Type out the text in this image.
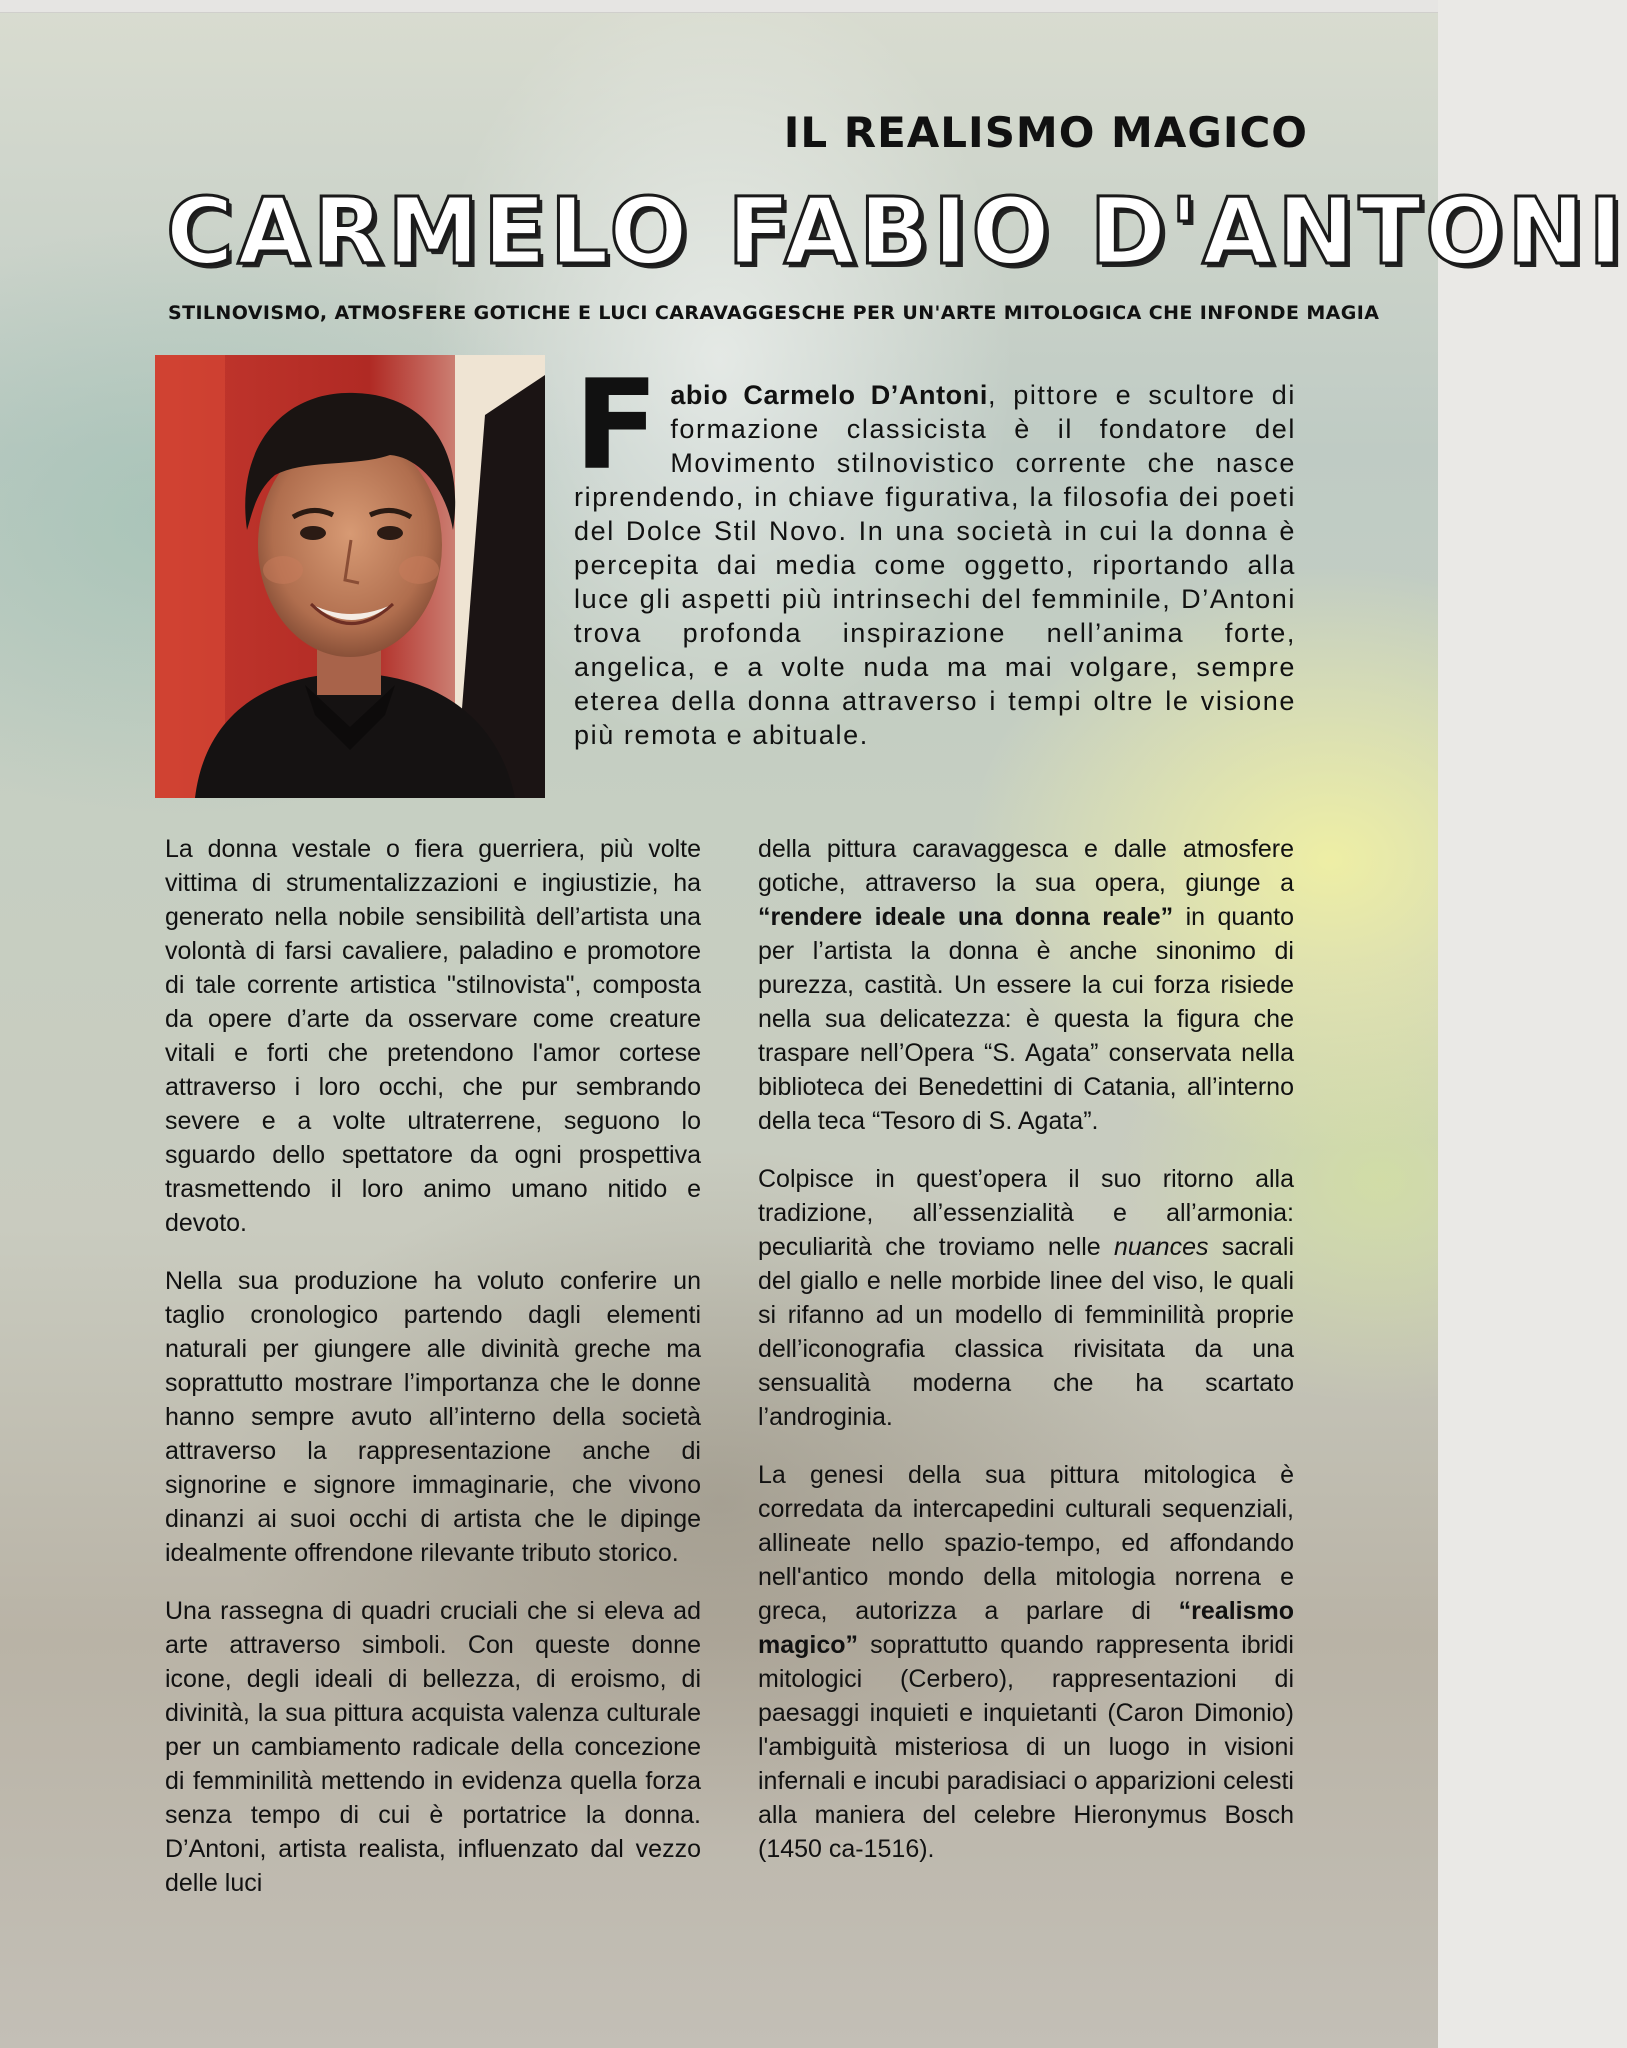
IL REALISMO MAGICO
CARMELO FABIO D'ANTONI
STILNOVISMO, ATMOSFERE GOTICHE E LUCI CARAVAGGESCHE PER UN'ARTE MITOLOGICA CHE INFONDE MAGIA
Fabio Carmelo D’Antoni, pittore e scultore di formazione classicista è il fondatore del Movimento stilnovistico corrente che nasce riprendendo, in chiave figurativa, la filosofia dei poeti del Dolce Stil Novo. In una società in cui la donna è percepita dai media come oggetto, riportando alla luce gli aspetti più intrinsechi del femminile, D’Antoni trova profonda inspirazione nell’anima forte, angelica, e a volte nuda ma mai volgare, sempre eterea della donna attraverso i tempi oltre le visione più remota e abituale.

La donna vestale o fiera guerriera, più volte vittima di strumentalizzazioni e ingiustizie, ha generato nella nobile sensibilità dell’artista una volontà di farsi cavaliere, paladino e promotore di tale corrente artistica "stilnovista", composta da opere d’arte da osservare come creature vitali e forti che pretendono l'amor cortese attraverso i loro occhi, che pur sembrando severe e a volte ultraterrene, seguono lo sguardo dello spettatore da ogni prospettiva trasmettendo il loro animo umano nitido e devoto.

Nella sua produzione ha voluto conferire un taglio cronologico partendo dagli elementi naturali per giungere alle divinità greche ma soprattutto mostrare l’importanza che le donne hanno sempre avuto all’interno della società attraverso la rappresentazione anche di signorine e signore immaginarie, che vivono dinanzi ai suoi occhi di artista che le dipinge idealmente offrendone rilevante tributo storico.

Una rassegna di quadri cruciali che si eleva ad arte attraverso simboli. Con queste donne icone, degli ideali di bellezza, di eroismo, di divinità, la sua pittura acquista valenza culturale per un cambiamento radicale della concezione di femminilità mettendo in evidenza quella forza senza tempo di cui è portatrice la donna. D’Antoni, artista realista, influenzato dal vezzo delle luci

della pittura caravaggesca e dalle atmosfere gotiche, attraverso la sua opera, giunge a “rendere ideale una donna reale” in quanto per l’artista la donna è anche sinonimo di purezza, castità. Un essere la cui forza risiede nella sua delicatezza: è questa la figura che traspare nell’Opera “S. Agata” conservata nella biblioteca dei Benedettini di Catania, all’interno della teca “Tesoro di S. Agata”.

Colpisce in quest’opera il suo ritorno alla tradizione, all’essenzialità e all’armonia: peculiarità che troviamo nelle nuances sacrali del giallo e nelle morbide linee del viso, le quali si rifanno ad un modello di femminilità proprie dell’iconografia classica rivisitata da una sensualità moderna che ha scartato l’androginia.

La genesi della sua pittura mitologica è corredata da intercapedini culturali sequenziali, allineate nello spazio-tempo, ed affondando nell'antico mondo della mitologia norrena e greca, autorizza a parlare di “realismo magico” soprattutto quando rappresenta ibridi mitologici (Cerbero), rappresentazioni di paesaggi inquieti e inquietanti (Caron Dimonio) l'ambiguità misteriosa di un luogo in visioni infernali e incubi paradisiaci o apparizioni celesti alla maniera del celebre Hieronymus Bosch (1450 ca-1516).
